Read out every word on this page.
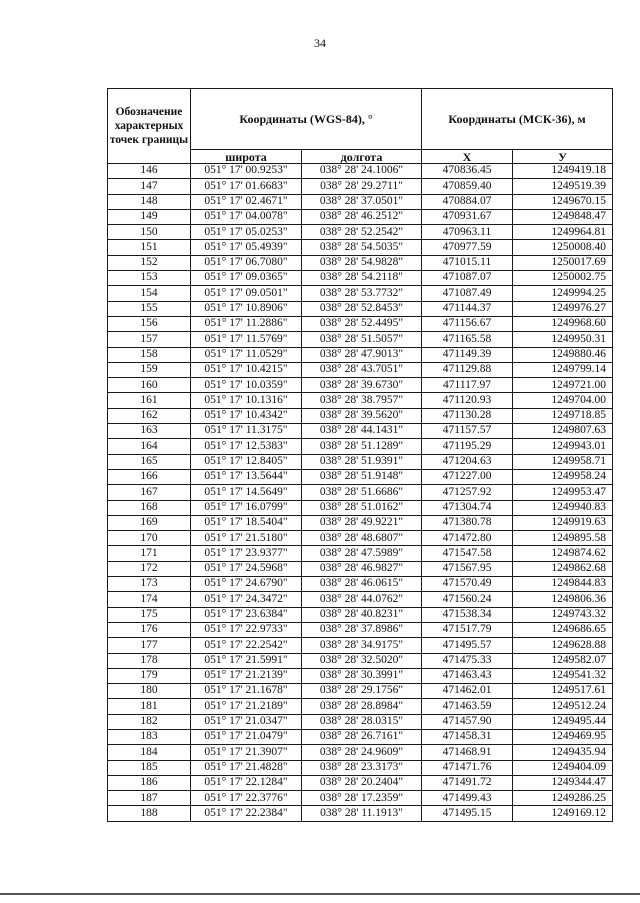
34
Обозначение характерных точек границы	Координаты (WGS-84), °		Координаты (МСК-36), м	
	широта	долгота	X	У
146	051° 17' 00.9253"	038° 28' 24.1006"	470836.45	1249419.18
147	051° 17' 01.6683"	038° 28' 29.2711"	470859.40	1249519.39
148	051° 17' 02.4671"	038° 28' 37.0501"	470884.07	1249670.15
149	051° 17' 04.0078"	038° 28' 46.2512"	470931.67	1249848.47
150	051° 17' 05.0253"	038° 28' 52.2542"	470963.11	1249964.81
151	051° 17' 05.4939"	038° 28' 54.5035"	470977.59	1250008.40
152	051° 17' 06.7080"	038° 28' 54.9828"	471015.11	1250017.69
153	051° 17' 09.0365"	038° 28' 54.2118"	471087.07	1250002.75
154	051° 17' 09.0501"	038° 28' 53.7732"	471087.49	1249994.25
155	051° 17' 10.8906"	038° 28' 52.8453"	471144.37	1249976.27
156	051° 17' 11.2886"	038° 28' 52.4495"	471156.67	1249968.60
157	051° 17' 11.5769"	038° 28' 51.5057"	471165.58	1249950.31
158	051° 17' 11.0529"	038° 28' 47.9013"	471149.39	1249880.46
159	051° 17' 10.4215"	038° 28' 43.7051"	471129.88	1249799.14
160	051° 17' 10.0359"	038° 28' 39.6730"	471117.97	1249721.00
161	051° 17' 10.1316"	038° 28' 38.7957"	471120.93	1249704.00
162	051° 17' 10.4342"	038° 28' 39.5620"	471130.28	1249718.85
163	051° 17' 11.3175"	038° 28' 44.1431"	471157.57	1249807.63
164	051° 17' 12.5383"	038° 28' 51.1289"	471195.29	1249943.01
165	051° 17' 12.8405"	038° 28' 51.9391"	471204.63	1249958.71
166	051° 17' 13.5644"	038° 28' 51.9148"	471227.00	1249958.24
167	051° 17' 14.5649"	038° 28' 51.6686"	471257.92	1249953.47
168	051° 17' 16.0799"	038° 28' 51.0162"	471304.74	1249940.83
169	051° 17' 18.5404"	038° 28' 49.9221"	471380.78	1249919.63
170	051° 17' 21.5180"	038° 28' 48.6807"	471472.80	1249895.58
171	051° 17' 23.9377"	038° 28' 47.5989"	471547.58	1249874.62
172	051° 17' 24.5968"	038° 28' 46.9827"	471567.95	1249862.68
173	051° 17' 24.6790"	038° 28' 46.0615"	471570.49	1249844.83
174	051° 17' 24.3472"	038° 28' 44.0762"	471560.24	1249806.36
175	051° 17' 23.6384"	038° 28' 40.8231"	471538.34	1249743.32
176	051° 17' 22.9733"	038° 28' 37.8986"	471517.79	1249686.65
177	051° 17' 22.2542"	038° 28' 34.9175"	471495.57	1249628.88
178	051° 17' 21.5991"	038° 28' 32.5020"	471475.33	1249582.07
179	051° 17' 21.2139"	038° 28' 30.3991"	471463.43	1249541.32
180	051° 17' 21.1678"	038° 28' 29.1756"	471462.01	1249517.61
181	051° 17' 21.2189"	038° 28' 28.8984"	471463.59	1249512.24
182	051° 17' 21.0347"	038° 28' 28.0315"	471457.90	1249495.44
183	051° 17' 21.0479"	038° 28' 26.7161"	471458.31	1249469.95
184	051° 17' 21.3907"	038° 28' 24.9609"	471468.91	1249435.94
185	051° 17' 21.4828"	038° 28' 23.3173"	471471.76	1249404.09
186	051° 17' 22.1284"	038° 28' 20.2404"	471491.72	1249344.47
187	051° 17' 22.3776"	038° 28' 17.2359"	471499.43	1249286.25
188	051° 17' 22.2384"	038° 28' 11.1913"	471495.15	1249169.12
